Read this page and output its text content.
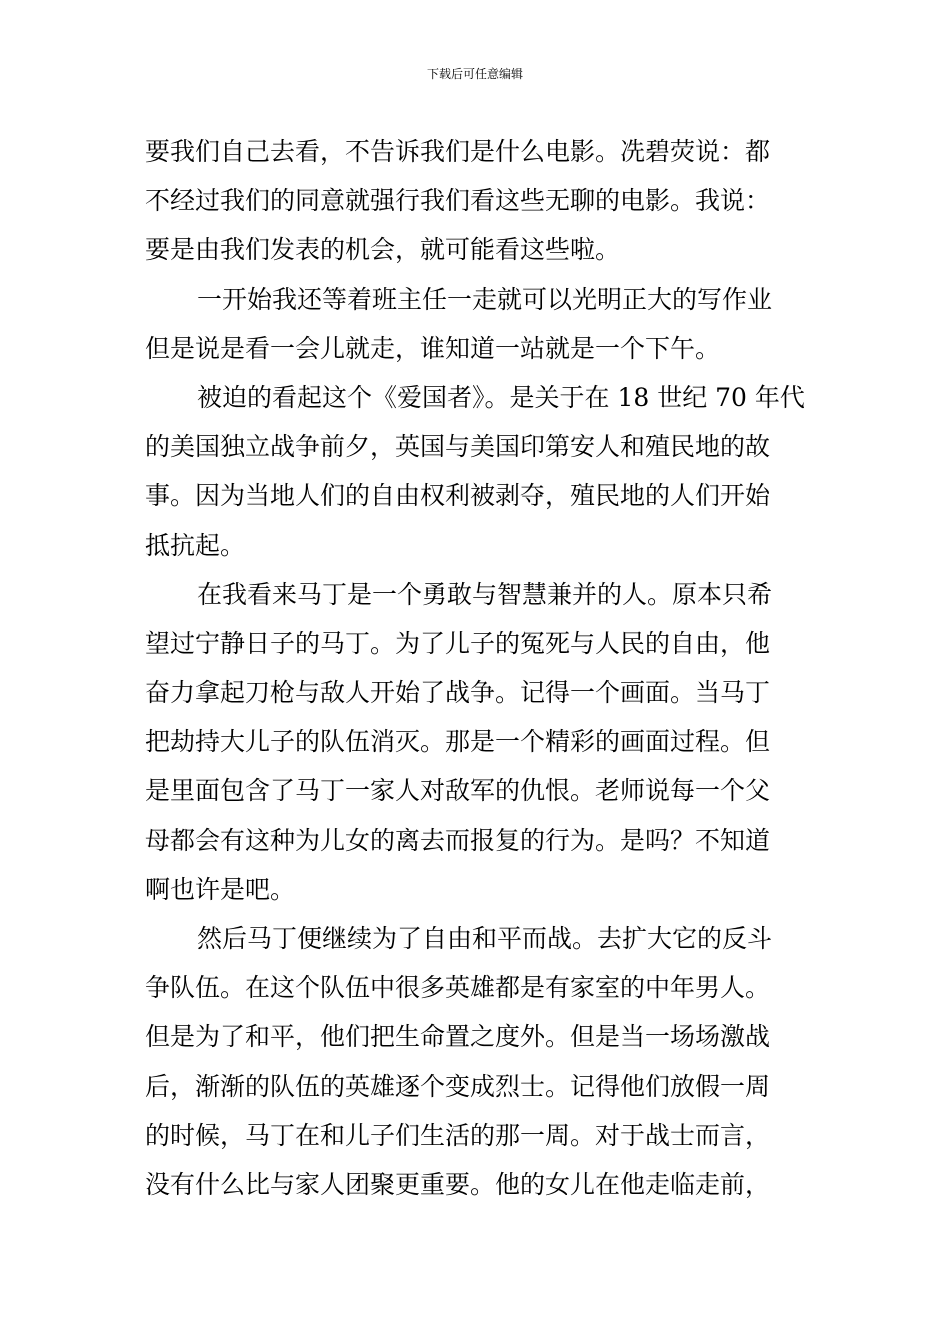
下载后可任意编辑
要我们自己去看，不告诉我们是什么电影。冼碧荧说：都
不经过我们的同意就强行我们看这些无聊的电影。我说：
要是由我们发表的机会，就可能看这些啦。
一开始我还等着班主任一走就可以光明正大的写作业
但是说是看一会儿就走，谁知道一站就是一个下午。
被迫的看起这个《爱国者》。是关于在 18 世纪 70 年代
的美国独立战争前夕，英国与美国印第安人和殖民地的故
事。因为当地人们的自由权利被剥夺，殖民地的人们开始
抵抗起。
在我看来马丁是一个勇敢与智慧兼并的人。原本只希
望过宁静日子的马丁。为了儿子的冤死与人民的自由，他
奋力拿起刀枪与敌人开始了战争。记得一个画面。当马丁
把劫持大儿子的队伍消灭。那是一个精彩的画面过程。但
是里面包含了马丁一家人对敌军的仇恨。老师说每一个父
母都会有这种为儿女的离去而报复的行为。是吗？不知道
啊也许是吧。
然后马丁便继续为了自由和平而战。去扩大它的反斗
争队伍。在这个队伍中很多英雄都是有家室的中年男人。
但是为了和平，他们把生命置之度外。但是当一场场激战
后，渐渐的队伍的英雄逐个变成烈士。记得他们放假一周
的时候，马丁在和儿子们生活的那一周。对于战士而言，
没有什么比与家人团聚更重要。他的女儿在他走临走前，
